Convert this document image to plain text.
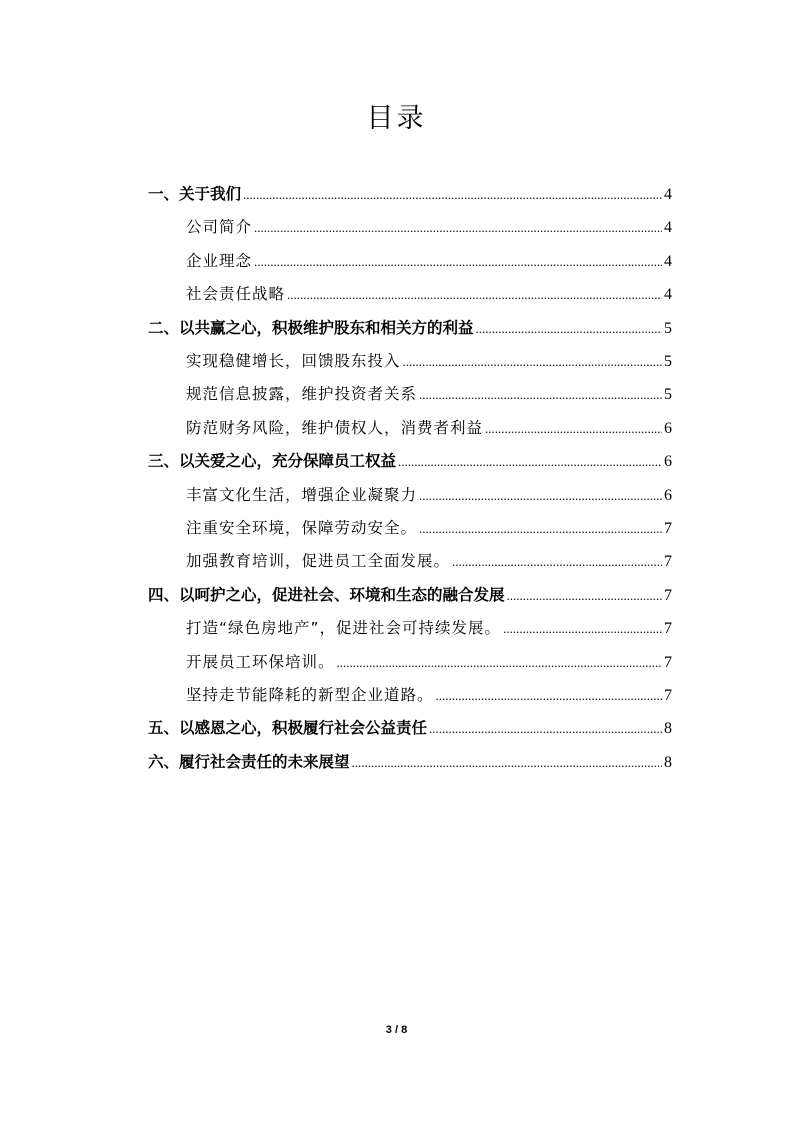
目录
一、关于我们 .....	4
公司简介 .....	4
企业理念 .....	4
社会责任战略 .....	4
二、以共赢之心，积极维护股东和相关方的利益 .....	5
实现稳健增长，回馈股东投入 .....	5
规范信息披露，维护投资者关系 .....	5
防范财务风险，维护债权人，消费者利益 .....	6
三、以关爱之心，充分保障员工权益 .....	6
丰富文化生活，增强企业凝聚力 .....	6
注重安全环境，保障劳动安全。 .....	7
加强教育培训，促进员工全面发展。 .....	7
四、以呵护之心，促进社会、环境和生态的融合发展 .....	7
打造“绿色房地产”，促进社会可持续发展。 .....	7
开展员工环保培训。 .....	7
坚持走节能降耗的新型企业道路。 .....	7
五、以感恩之心，积极履行社会公益责任 .....	8
六、履行社会责任的未来展望 .....	8
3 / 8
